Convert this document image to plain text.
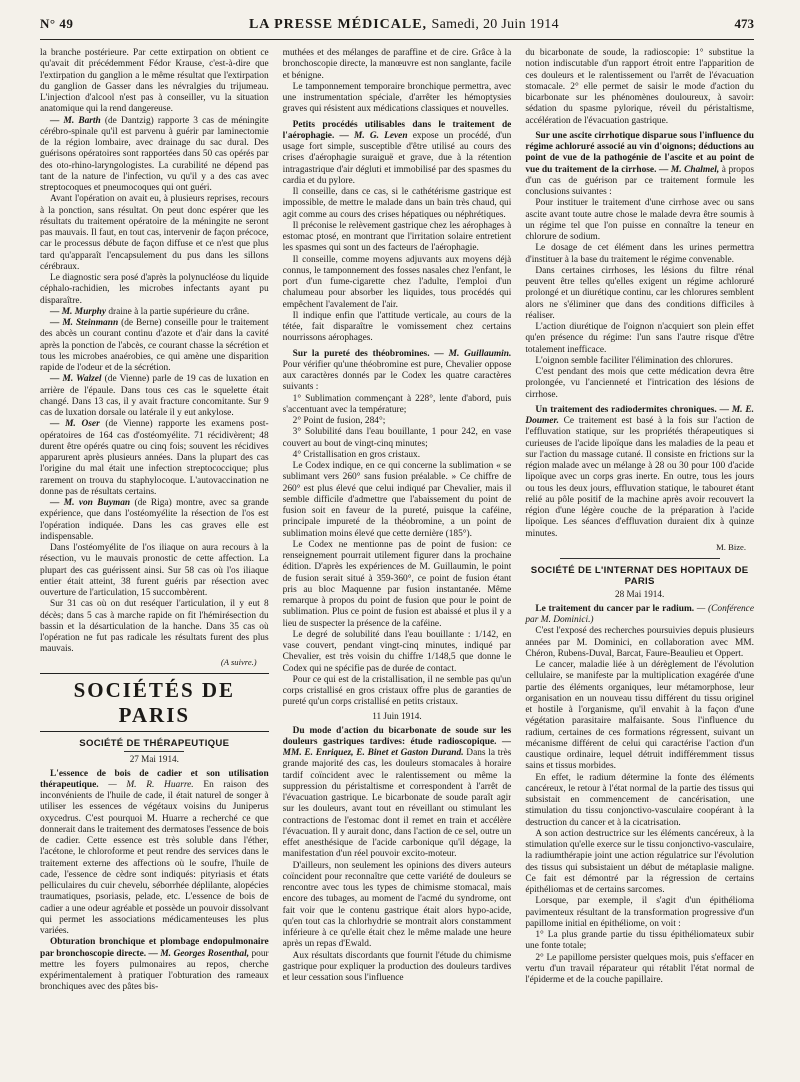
N° 49	LA PRESSE MÉDICALE, Samedi, 20 Juin 1914	473

la branche postérieure. Par cette extirpation on obtient ce qu'avait dit précédemment Fédor Krause, c'est-à-dire que l'extirpation du ganglion a le même résultat que l'extirpation du ganglion de Gasser dans les névralgies du trijumeau. L'injection d'alcool n'est pas à conseiller, vu la situation anatomique qui la rend dangereuse.

— M. Barth (de Dantzig) rapporte 3 cas de méningite cérébro-spinale qu'il est parvenu à guérir par laminectomie de la région lombaire, avec drainage du sac dural. Des guérisons opératoires sont rapportées dans 50 cas opérés par des oto-rhino-laryngologistes. La curabilité ne dépend pas tant de la nature de l'infection, vu qu'il y a des cas avec streptocoques et pneumocoques qui ont guéri.

Avant l'opération on avait eu, à plusieurs reprises, recours à la ponction, sans résultat. On peut donc espérer que les résultats du traitement opératoire de la méningite ne seront pas mauvais. Il faut, en tout cas, intervenir de façon précoce, car le processus débute de façon diffuse et ce n'est que plus tard qu'apparaît l'encapsulement du pus dans les sillons cérébraux.

Le diagnostic sera posé d'après la polynucléose du liquide céphalo-rachidien, les microbes infectants ayant pu disparaître.

— M. Murphy draine à la partie supérieure du crâne.

— M. Steinmann (de Berne) conseille pour le traitement des abcès un courant continu d'azote et d'air dans la cavité après la ponction de l'abcès, ce courant chasse la sécrétion et tous les microbes anaérobies, ce qui amène une disparition rapide de l'odeur et de la sécrétion.

— M. Walzel (de Vienne) parle de 19 cas de luxation en arrière de l'épaule. Dans tous ces cas le squelette était changé. Dans 13 cas, il y avait fracture concomitante. Sur 9 cas de luxation dorsale ou latérale il y eut ankylose.

— M. Oser (de Vienne) rapporte les examens post-opératoires de 164 cas d'ostéomyélite. 71 récidivèrent; 48 durent être opérés quatre ou cinq fois; souvent les récidives apparurent après plusieurs années. Dans la plupart des cas l'origine du mal était une infection streptococcique; plus rarement on trouva du staphylocoque. L'autovaccination ne donne pas de résultats certains.

— M. von Buyman (de Riga) montre, avec sa grande expérience, que dans l'ostéomyélite la résection de l'os est l'opération indiquée. Dans les cas graves elle est indispensable.

Dans l'ostéomyélite de l'os iliaque on aura recours à la résection, vu le mauvais pronostic de cette affection. La plupart des cas guérissent ainsi. Sur 58 cas où l'os iliaque entier était atteint, 38 furent guéris par résection avec ouverture de l'articulation, 15 succombèrent.

Sur 31 cas où on dut reséquer l'articulation, il y eut 8 décès; dans 5 cas à marche rapide on fit l'hémirésection du bassin et la désarticulation de la hanche. Dans 35 cas où l'opération ne fut pas radicale les résultats furent des plus mauvais.

(A suivre.)
SOCIÉTÉS DE PARIS
SOCIÉTÉ DE THÉRAPEUTIQUE
27 Mai 1914.

L'essence de bois de cadier et son utilisation thérapeutique. — M. R. Huarre. En raison des inconvénients de l'huile de cade, il était naturel de songer à utiliser les essences de végétaux voisins du Juniperus oxycedrus. C'est pourquoi M. Huarre a recherché ce que donnerait dans le traitement des dermatoses l'essence de bois de cadier. Cette essence est très soluble dans l'éther, l'acétone, le chloroforme et peut rendre des services dans le traitement externe des affections où le soufre, l'huile de cade, l'essence de cèdre sont indiqués: pityriasis et états pelliculaires du cuir chevelu, séborrhée déplilante, alopécies traumatiques, psoriasis, pelade, etc. L'essence de bois de cadier a une odeur agréable et possède un pouvoir dissolvant qui permet les associations médicamenteuses les plus variées.

Obturation bronchique et plombage endopulmonaire par bronchoscopie directe. — M. Georges Rosenthal, pour mettre les foyers pulmonaires au repos, cherche expérimentalement à pratiquer l'obturation des rameaux bronchiques avec des pâtes bis-

muthées et des mélanges de paraffine et de cire. Grâce à la bronchoscopie directe, la manœuvre est non sanglante, facile et bénigne.

Le tamponnement temporaire bronchique permettra, avec une instrumentation spéciale, d'arrêter les hémoptysies graves qui résistent aux médications classiques et nouvelles.

Petits procédés utilisables dans le traitement de l'aérophagie. — M. G. Leven expose un procédé, d'un usage fort simple, susceptible d'être utilisé au cours des crises d'aérophagie suraiguë et grave, due à la rétention intragastrique d'air dégluti et immobilisé par des spasmes du cardia et du pylore.

Il conseille, dans ce cas, si le cathétérisme gastrique est impossible, de mettre le malade dans un bain très chaud, qui agit comme au cours des crises hépatiques ou néphrétiques.

Il préconise le relèvement gastrique chez les aérophages à estomac ptosé, en montrant que l'irritation solaire entretient les spasmes qui sont un des facteurs de l'aérophagie.

Il conseille, comme moyens adjuvants aux moyens déjà connus, le tamponnement des fosses nasales chez l'enfant, le port d'un fume-cigarette chez l'adulte, l'emploi d'un chalumeau pour absorber les liquides, tous procédés qui empêchent l'avalement de l'air.

Il indique enfin que l'attitude verticale, au cours de la tétée, fait disparaître le vomissement chez certains nourrissons aérophages.

Sur la pureté des théobromines. — M. Guillaumin. Pour vérifier qu'une théobromine est pure, Chevalier oppose aux caractères donnés par le Codex les quatre caractères suivants :

1° Sublimation commençant à 228°, lente d'abord, puis s'accentuant avec la température;

2° Point de fusion, 284°;

3° Solubilité dans l'eau bouillante, 1 pour 242, en vase couvert au bout de vingt-cinq minutes;

4° Cristallisation en gros cristaux.

Le Codex indique, en ce qui concerne la sublimation « se sublimant vers 260° sans fusion préalable. » Ce chiffre de 260° est plus élevé que celui indiqué par Chevalier, mais il semble difficile d'admettre que l'abaissement du point de fusion soit en faveur de la pureté, puisque la caféine, principale impureté de la théobromine, a un point de sublimation moins élevé que cette dernière (185°).

Le Codex ne mentionne pas de point de fusion: ce renseignement pourrait utilement figurer dans la prochaine édition. D'après les expériences de M. Guillaumin, le point de fusion serait situé à 359-360°, ce point de fusion étant pris au bloc Maquenne par fusion instantanée. Même remarque à propos du point de fusion que pour le point de sublimation. Plus ce point de fusion est abaissé et plus il y a lieu de suspecter la présence de la caféine.

Le degré de solubilité dans l'eau bouillante : 1/142, en vase couvert, pendant vingt-cinq minutes, indiqué par Chevalier, est très voisin du chiffre 1/148,5 que donne le Codex qui ne spécifie pas de durée de contact.

Pour ce qui est de la cristallisation, il ne semble pas qu'un corps cristallisé en gros cristaux offre plus de garanties de pureté qu'un corps cristallisé en petits cristaux.

11 Juin 1914.

Du mode d'action du bicarbonate de soude sur les douleurs gastriques tardives: étude radioscopique. — MM. E. Enriquez, E. Binet et Gaston Durand. Dans la très grande majorité des cas, les douleurs stomacales à horaire tardif coïncident avec le ralentissement ou même la suppression du péristaltisme et correspondent à l'arrêt de l'évacuation gastrique. Le bicarbonate de soude paraît agir sur les douleurs, avant tout en réveillant ou stimulant les contractions de l'estomac dont il remet en train et accélère l'évacuation. Il y aurait donc, dans l'action de ce sel, outre un effet anesthésique de l'acide carbonique qu'il dégage, la manifestation d'un réel pouvoir excito-moteur.

D'ailleurs, non seulement les opinions des divers auteurs coïncident pour reconnaître que cette variété de douleurs se rencontre avec tous les types de chimisme stomacal, mais encore des tubages, au moment de l'acmé du syndrome, ont fait voir que le contenu gastrique était alors hypo-acide, qu'en tout cas la chlorhydrie se montrait alors constamment inférieure à ce qu'elle était chez le même malade une heure après un repas d'Ewald.

Aux résultats discordants que fournit l'étude du chimisme gastrique pour expliquer la production des douleurs tardives et leur cessation sous l'influence

du bicarbonate de soude, la radioscopie: 1° substitue la notion indiscutable d'un rapport étroit entre l'apparition de ces douleurs et le ralentissement ou l'arrêt de l'évacuation stomacale. 2° elle permet de saisir le mode d'action du bicarbonate sur les phénomènes douloureux, à savoir: sédation du spasme pylorique, réveil du péristaltisme, accélération de l'évacuation gastrique.

Sur une ascite cirrhotique disparue sous l'influence du régime achloruré associé au vin d'oignons; déductions au point de vue de la pathogénie de l'ascite et au point de vue du traitement de la cirrhose. — M. Chalmel, à propos d'un cas de guérison par ce traitement formule les conclusions suivantes :

Pour instituer le traitement d'une cirrhose avec ou sans ascite avant toute autre chose le malade devra être soumis à un régime tel que l'on puisse en connaître la teneur en chlorure de sodium.

Le dosage de cet élément dans les urines permettra d'instituer à la base du traitement le régime convenable.

Dans certaines cirrhoses, les lésions du filtre rénal peuvent être telles qu'elles exigent un régime achloruré prolongé et un diurétique continu, car les chlorures semblent alors ne s'éliminer que dans des conditions difficiles à réaliser.

L'action diurétique de l'oignon n'acquiert son plein effet qu'en présence du régime: l'un sans l'autre risque d'être totalement inefficace.

L'oignon semble faciliter l'élimination des chlorures.

C'est pendant des mois que cette médication devra être prolongée, vu l'ancienneté et l'intrication des lésions de cirrhose.

Un traitement des radiodermites chroniques. — M. E. Doumer. Ce traitement est basé à la fois sur l'action de l'effluvation statique, sur les propriétés thérapeutiques si curieuses de l'acide lipoïque dans les maladies de la peau et sur l'action du massage cutané. Il consiste en frictions sur la région malade avec un mélange à 28 ou 30 pour 100 d'acide lipoïque avec un corps gras inerte. En outre, tous les jours ou tous les deux jours, effluvation statique, le tabouret étant relié au pôle positif de la machine après avoir recouvert la région d'une légère couche de la préparation à l'acide lipoïque. Les séances d'effluvation duraient dix à quinze minutes.

M. Bize.
SOCIÉTÉ DE L'INTERNAT DES HOPITAUX DE PARIS
28 Mai 1914.

Le traitement du cancer par le radium. — (Conférence par M. Dominici.)

C'est l'exposé des recherches poursuivies depuis plusieurs années par M. Dominici, en collaboration avec MM. Chéron, Rubens-Duval, Barcat, Faure-Beaulieu et Oppert.

Le cancer, maladie liée à un dérèglement de l'évolution cellulaire, se manifeste par la multiplication exagérée d'une partie des éléments organiques, leur métamorphose, leur organisation en un nouveau tissu différent du tissu originel et hostile à l'organisme, qu'il envahit à la façon d'une végétation parasitaire malfaisante. Sous l'influence du radium, certaines de ces formations régressent, suivant un mécanisme différent de celui qui caractérise l'action d'un caustique ordinaire, lequel détruit indifféremment tissus sains et tissus morbides.

En effet, le radium détermine la fonte des éléments cancéreux, le retour à l'état normal de la partie des tissus qui subsistait en commencement de cancérisation, une stimulation du tissu conjonctivo-vasculaire coopérant à la destruction du cancer et à la cicatrisation.

A son action destructrice sur les éléments cancéreux, à la stimulation qu'elle exerce sur le tissu conjonctivo-vasculaire, la radiumthérapie joint une action régulatrice sur l'évolution des tissus qui subsistaient un début de métaplasie maligne. Ce fait est démontré par la régression de certains épithéliomas et de certains sarcomes.

Lorsque, par exemple, il s'agit d'un épithélioma pavimenteux résultant de la transformation progressive d'un papillome initial en épithéliome, on voit :

1° La plus grande partie du tissu épithéliomateux subir une fonte totale;

2° Le papillome persister quelques mois, puis s'effacer en vertu d'un travail réparateur qui rétablit l'état normal de l'épiderme et de la couche papillaire.
